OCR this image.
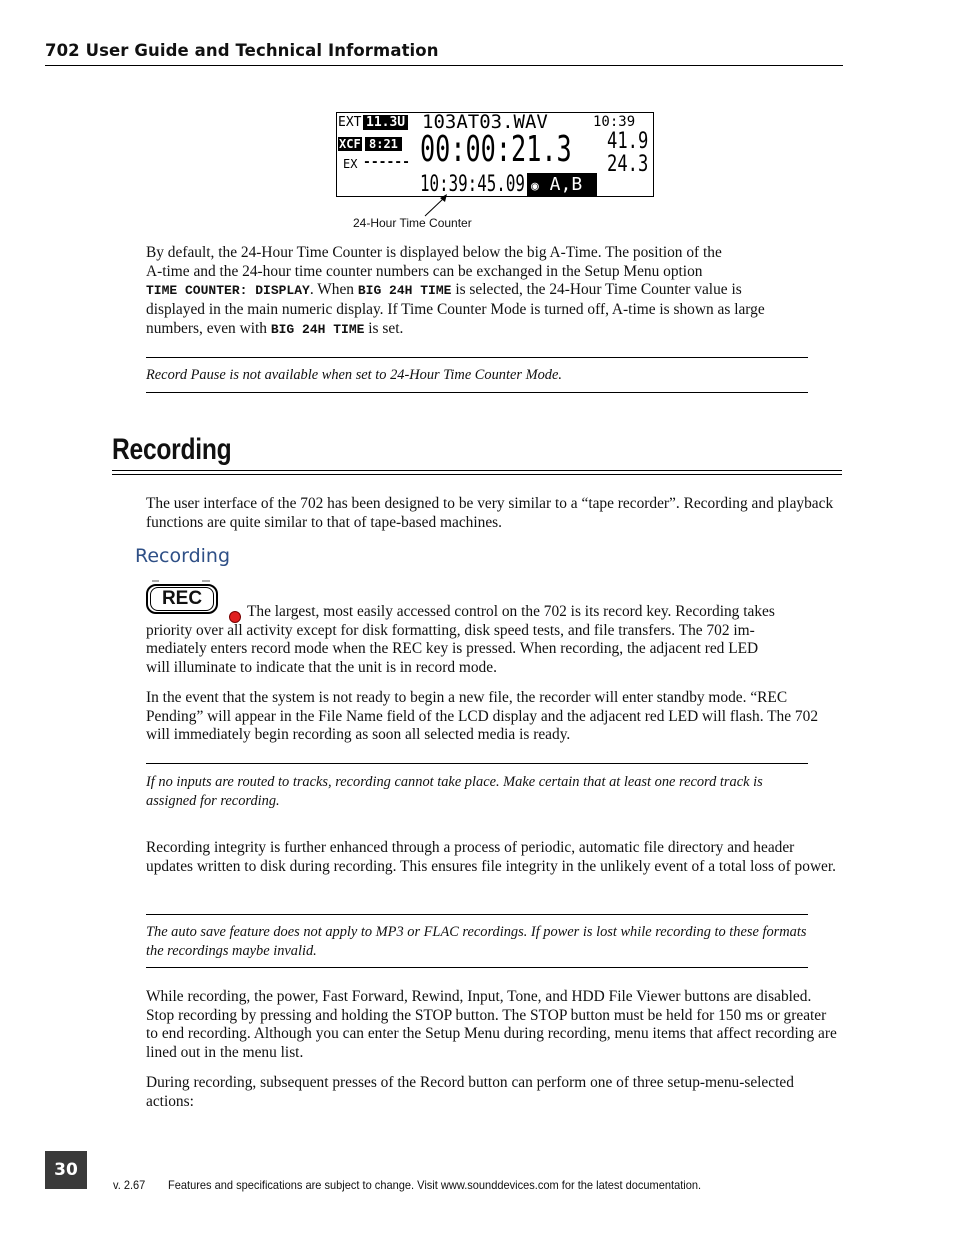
702 User Guide and Technical Information
EXT 11.3U 103AT03.WAV	10:39
XCF 8:21
EX ------ 00:00:21.3 41.9
24.3
10:39:45.09 ◉ A,B
24-Hour Time Counter
By default, the 24-Hour Time Counter is displayed below the big A-Time. The position of the
A-time and the 24-hour time counter numbers can be exchanged in the Setup Menu option
TIME COUNTER: DISPLAY. When BIG 24H TIME is selected, the 24-Hour Time Counter value is
displayed in the main numeric display. If Time Counter Mode is turned off, A-time is shown as large
numbers, even with BIG 24H TIME is set.
Record Pause is not available when set to 24-Hour Time Counter Mode.
Recording
The user interface of the 702 has been designed to be very similar to a “tape recorder”. Recording and playback functions are quite similar to that of tape-based machines.
Recording
REC
The largest, most easily accessed control on the 702 is its record key. Recording takes
priority over all activity except for disk formatting, disk speed tests, and file transfers. The 702 im-
mediately enters record mode when the REC key is pressed. When recording, the adjacent red LED
will illuminate to indicate that the unit is in record mode.
In the event that the system is not ready to begin a new file, the recorder will enter standby mode. “REC Pending” will appear in the File Name field of the LCD display and the adjacent red LED will flash. The 702 will immediately begin recording as soon all selected media is ready.
If no inputs are routed to tracks, recording cannot take place. Make certain that at least one record track is assigned for recording.
Recording integrity is further enhanced through a process of periodic, automatic file directory and header updates written to disk during recording. This ensures file integrity in the unlikely event of a total loss of power.
The auto save feature does not apply to MP3 or FLAC recordings. If power is lost while recording to these formats the recordings maybe invalid.
While recording, the power, Fast Forward, Rewind, Input, Tone, and HDD File Viewer buttons are disabled. Stop recording by pressing and holding the STOP button. The STOP button must be held for 150 ms or greater to end recording. Although you can enter the Setup Menu during recording, menu items that affect recording are lined out in the menu list.
During recording, subsequent presses of the Record button can perform one of three setup-menu-selected actions:
30
v. 2.67 Features and specifications are subject to change. Visit www.sounddevices.com for the latest documentation.
